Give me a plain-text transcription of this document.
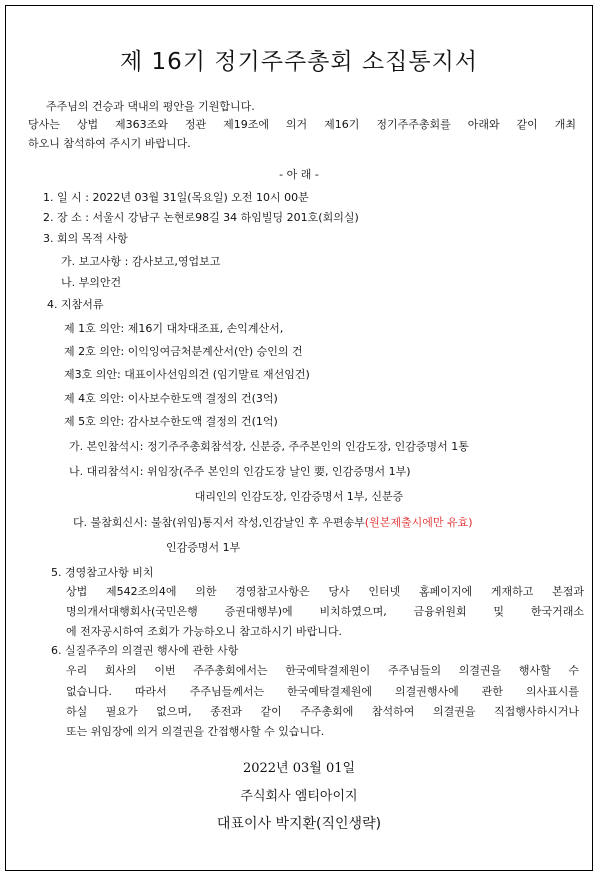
제 16기 정기주주총회 소집통지서
주주님의 건승과 댁내의 평안을 기원합니다.
당사는 상법 제363조와 정관 제19조에 의거 제16기 정기주주총회를 아래와 같이 개최
하오니 참석하여 주시기 바랍니다.
- 아 래 -
1. 일 시 : 2022년 03월 31일(목요일) 오전 10시 00분
2. 장 소 : 서울시 강남구 논현로98길 34 하임빌딩 201호(회의실)
3. 회의 목적 사항
가. 보고사항 : 감사보고,영업보고
나. 부의안건
4. 지참서류
제 1호 의안: 제16기 대차대조표, 손익계산서,
제 2호 의안: 이익잉여금처분계산서(안) 승인의 건
제3호 의안: 대표이사선임의건 (임기말료 재선임건)
제 4호 의안: 이사보수한도액 결정의 건(3억)
제 5호 의안: 감사보수한도액 결정의 건(1억)
가. 본인참석시: 정기주주총회참석장, 신분증, 주주본인의 인감도장, 인감증명서 1통
나. 대리참석시: 위임장(주주 본인의 인감도장 날인 要, 인감증명서 1부)
대리인의 인감도장, 인감증명서 1부, 신분증
다. 불참회신시: 불참(위임)통지서 작성,인감날인 후 우편송부(원본제출시에만 유효)
인감증명서 1부
5. 경영참고사항 비치
상법 제542조의4에 의한 경영참고사항은 당사 인터넷 홈페이지에 게재하고 본점과
명의개서대행회사(국민은행 증권대행부)에 비치하였으며, 금융위원회 및 한국거래소
에 전자공시하여 조회가 가능하오니 참고하시기 바랍니다.
6. 실질주주의 의결권 행사에 관한 사항
우리 회사의 이번 주주총회에서는 한국예탁결제원이 주주님들의 의결권을 행사할 수
없습니다. 따라서 주주님들께서는 한국예탁결제원에 의결권행사에 관한 의사표시를
하실 필요가 없으며, 종전과 같이 주주총회에 참석하여 의결권을 직접행사하시거나
또는 위임장에 의거 의결권을 간접행사할 수 있습니다.
2022년 03월 01일
주식회사 엠티아이지
대표이사 박지환(직인생략)
